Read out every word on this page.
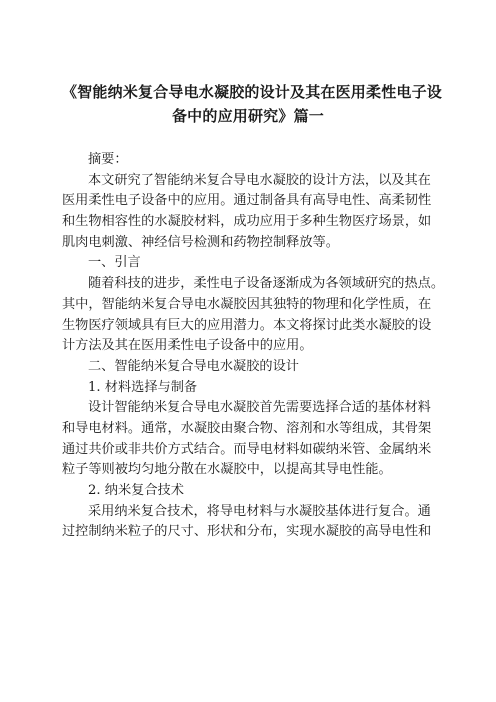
《智能纳米复合导电水凝胶的设计及其在医用柔性电子设
备中的应用研究》篇一
摘要：
本文研究了智能纳米复合导电水凝胶的设计方法，以及其在
医用柔性电子设备中的应用。通过制备具有高导电性、高柔韧性
和生物相容性的水凝胶材料，成功应用于多种生物医疗场景，如
肌肉电刺激、神经信号检测和药物控制释放等。
一、引言
随着科技的进步，柔性电子设备逐渐成为各领域研究的热点。
其中，智能纳米复合导电水凝胶因其独特的物理和化学性质，在
生物医疗领域具有巨大的应用潜力。本文将探讨此类水凝胶的设
计方法及其在医用柔性电子设备中的应用。
二、智能纳米复合导电水凝胶的设计
1. 材料选择与制备
设计智能纳米复合导电水凝胶首先需要选择合适的基体材料
和导电材料。通常，水凝胶由聚合物、溶剂和水等组成，其骨架
通过共价或非共价方式结合。而导电材料如碳纳米管、金属纳米
粒子等则被均匀地分散在水凝胶中，以提高其导电性能。
2. 纳米复合技术
采用纳米复合技术，将导电材料与水凝胶基体进行复合。通
过控制纳米粒子的尺寸、形状和分布，实现水凝胶的高导电性和
